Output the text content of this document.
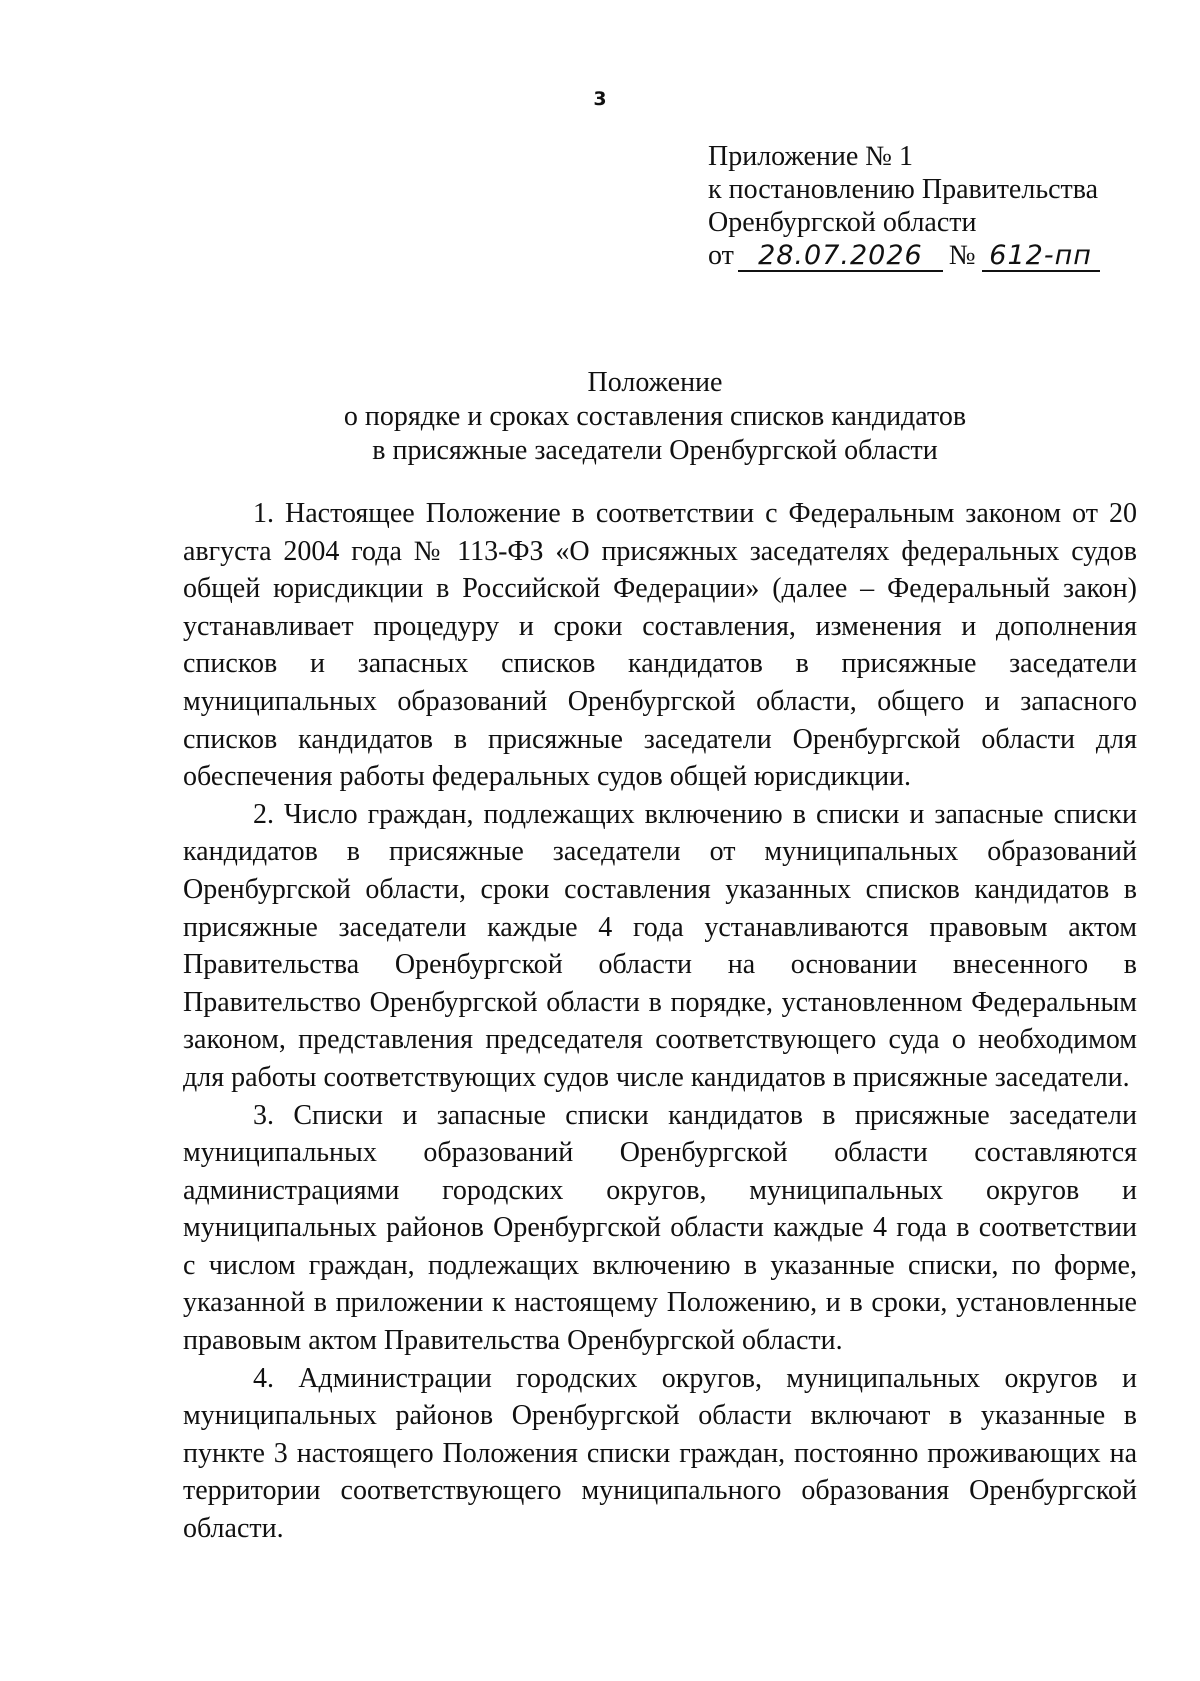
3
Приложение № 1
к постановлению Правительства
Оренбургской области
от 28.07.2026 № 612-пп
Положение
о порядке и сроках составления списков кандидатов
в присяжные заседатели Оренбургской области

1. Настоящее Положение в соответствии с Федеральным законом от 20 августа 2004 года № 113-ФЗ «О присяжных заседателях федеральных судов общей юрисдикции в Российской Федерации» (далее – Федеральный закон) устанавливает процедуру и сроки составления, изменения и дополнения списков и запасных списков кандидатов в присяжные заседатели муниципальных образований Оренбургской области, общего и запасного списков кандидатов в присяжные заседатели Оренбургской области для обеспечения работы федеральных судов общей юрисдикции.

2. Число граждан, подлежащих включению в списки и запасные списки кандидатов в присяжные заседатели от муниципальных образований Оренбургской области, сроки составления указанных списков кандидатов в присяжные заседатели каждые 4 года устанавливаются правовым актом Правительства Оренбургской области на основании внесенного в Правительство Оренбургской области в порядке, установленном Федеральным законом, представления председателя соответствующего суда о необходимом для работы соответствующих судов числе кандидатов в присяжные заседатели.

3. Списки и запасные списки кандидатов в присяжные заседатели муниципальных образований Оренбургской области составляются администрациями городских округов, муниципальных округов и муниципальных районов Оренбургской области каждые 4 года в соответствии с числом граждан, подлежащих включению в указанные списки, по форме, указанной в приложении к настоящему Положению, и в сроки, установленные правовым актом Правительства Оренбургской области.

4. Администрации городских округов, муниципальных округов и муниципальных районов Оренбургской области включают в указанные в пункте 3 настоящего Положения списки граждан, постоянно проживающих на территории соответствующего муниципального образования Оренбургской области.
